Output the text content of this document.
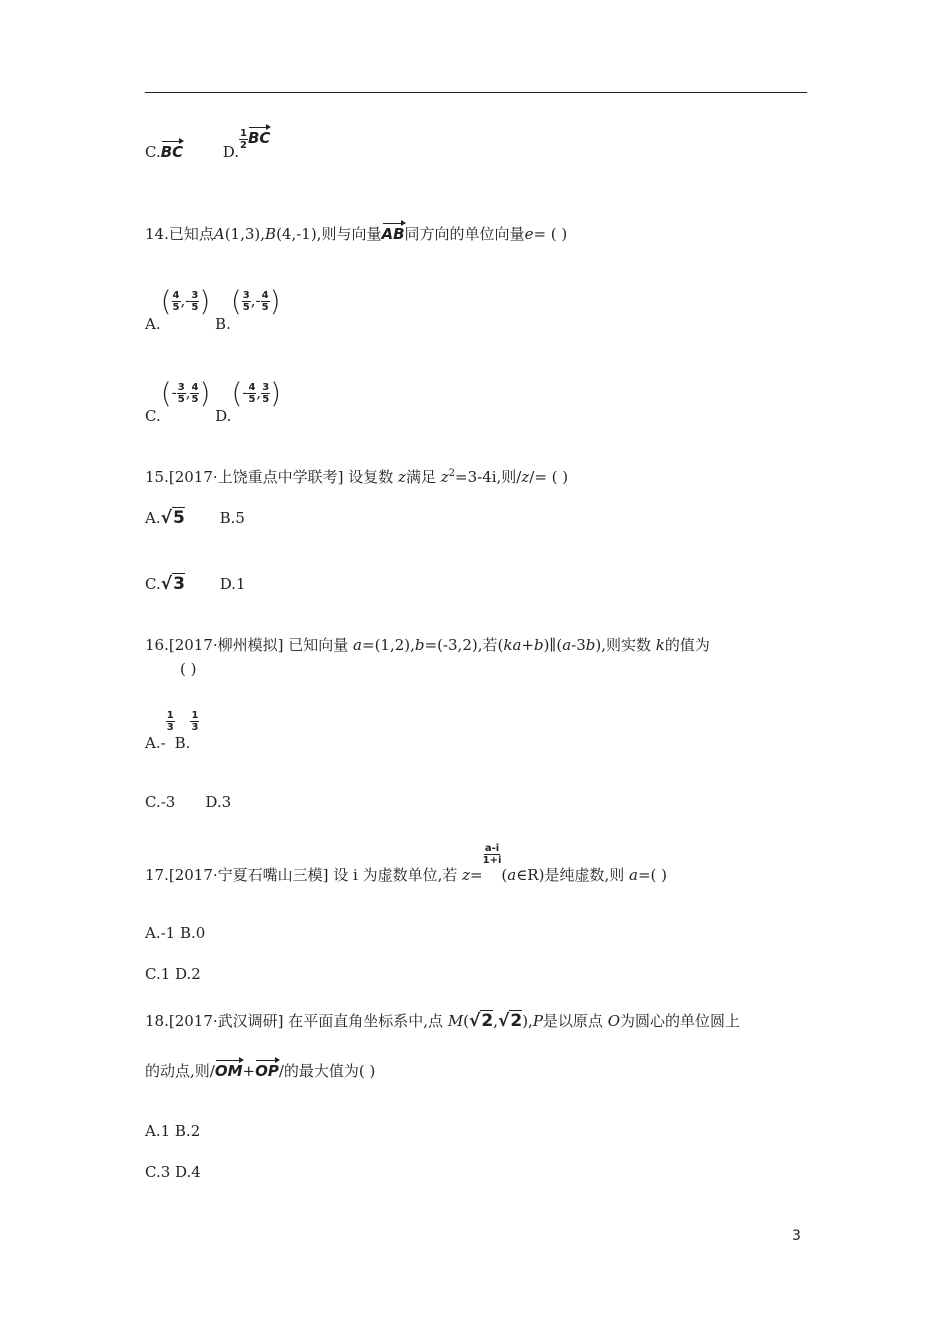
C.BC	D.
$\frac{1}{2}$ BC
14.已知点A(1,3),B(4,-1),则与向量AB同方向的单位向量e= ( )
$A.( \frac{4}{5}$ ,- $\frac{3}{5}$ ) $B.( \frac{3}{5}$ ,- $\frac{4}{5}$ )
$C.(- \frac{3}{5}$ , $\frac{4}{5}$ ) $D.(- \frac{4}{5}$ , $\frac{3}{5}$ )
15.[2017·上饶重点中学联考] 设复数 z满足 $z^2=3-4i$,则/z/= ( )
A.√5 B.5
C.√3 D.1
16.[2017·柳州模拟] 已知向量 a=(1,2),b=(-3,2),若(ka+b)∥(a-3b),则实数 k的值为
( )
A.-
$\frac{1}{3}$
B.
$\frac{1}{3}$
C.-3 D.3
17.[2017·宁夏石嘴山三模] 设 i 为虚数单位,若 z=
$\frac{a-i}{1+i}$
(a∈R)是纯虚数,则 a=( )
A.-1 B.0
C.1 D.2
18.[2017·武汉调研] 在平面直角坐标系中,点 M(√2,√2),P是以原点 O为圆心的单位圆上
的动点,则/OM+OP/的最大值为( )
A.1 B.2
C.3 D.4
3
